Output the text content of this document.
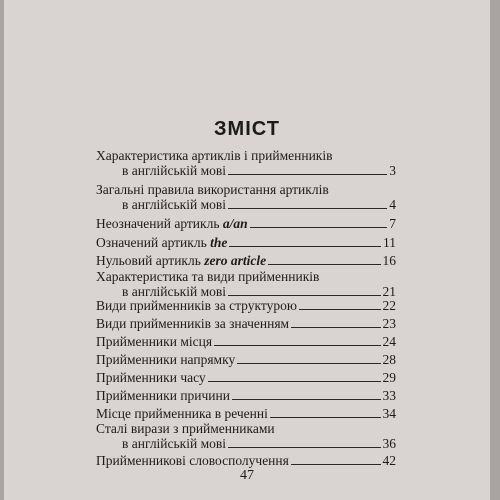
ЗМІСТ
Характеристика артиклів і прийменників
в англійській мові	3
Загальні правила використання артиклів
в англійській мові	4
Неозначений артикль a/an	7
Означений артикль the	11
Нульовий артикль zero article	16
Характеристика та види прийменників
в англійській мові	21
Види прийменників за структурою	22
Види прийменників за значенням	23
Прийменники місця	24
Прийменники напрямку	28
Прийменники часу	29
Прийменники причини	33
Місце прийменника в реченні	34
Сталі вирази з прийменниками
в англійській мові	36
Прийменникові словосполучення	42
47
